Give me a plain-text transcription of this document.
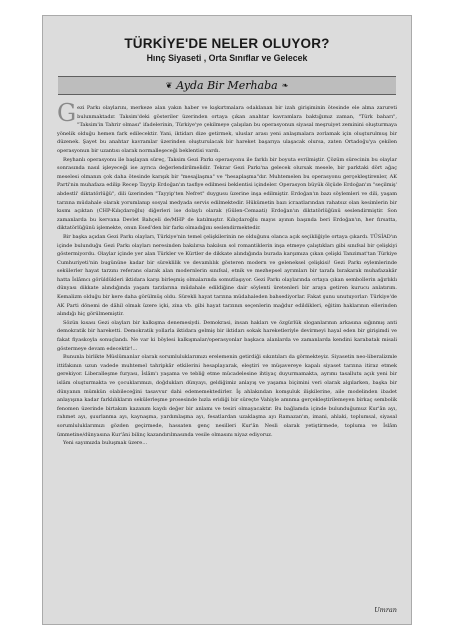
TÜRKİYE'DE NELER OLUYOR?
Hınç Siyaseti , Orta Sınıflar ve Gelecek
❦ Ayda Bir Merhaba ❧

Gezi Parkı olaylarını, merkeze alan yakın haber ve kışkırtmalara odaklanan bir izah girişiminin ötesinde ele alma zarureti bulunmaktadır. Taksim'deki gösteriler üzerinden ortaya çıkan anahtar kavramlara baktığımız zaman, "Türk baharı", "Taksim'in Tahrir olması" ifadelerinin, Türkiye'ye çekilmeye çalışılan bu operasyonun siyasal meşruiyet zeminini oluşturmaya yönelik olduğu hemen fark edilecektir. Yani, iktidarı dize getirmek, uluslar arası yeni anlaşmalara zorlamak için oluşturulmuş bir düzenek. Şayet bu anahtar kavramlar üzerinden oluşturulacak bir hareket başarıya ulaşacak olursa, zaten Ortadoğu'ya çekilen operasyonun bir uzantısı olarak normalleşeceği beklentisi vardı.

Reyhanlı operasyonu ile başlayan süreç, Taksim Gezi Parkı operasyonu ile farklı bir boyuta evrilmiştir. Çözüm sürecinin bu olaylar sonrasında nasıl işleyeceği ise ayrıca değerlendirilmelidir. Tekrar Gezi Parkı'na gelecek olursak mesele, bir parktaki dört ağaç meselesi olmanın çok daha ötesinde karışık bir "mesajlaşma" ve "hesaplaşma"dır. Muhtemelen bu operasyonu gerçekleştirenler, AK Parti'nin muhafaza edilip Recep Tayyip Erdoğan'ın tasfiye edilmesi beklentisi içindeler. Operasyon büyük ölçüde Erdoğan'ın "seçilmiş' abdestli' diktatörlüğü", dili üzerinden "Tayyip'ten Nefret" duygusu üzerine inşa edilmiştir. Erdoğan'ın bazı söylemleri ve dili, yaşam tarzına müdahale olarak yorumlanıp sosyal medyada servis edilmektedir. Hükümetin bazı icraatlarından rahatsız olan kesimlerin bir kısmı açıktan (CHP-Kılıçdaroğlu) diğerleri ise dolaylı olarak (Gülen-Cemaati) Erdoğan'ın diktatörlüğünü seslendirmiştir. Son zamanlarda bu kervana Devlet Bahçeli de/MHP de katılmıştır. Kılıçdaroğlu mayıs ayının başında beri Erdoğan'ın, her fırsatta, diktatörlüğünü işlemekte, onun Esed'den bir farkı olmadığını seslendirmektedir.

Bir başka açıdan Gezi Parkı olayları, Türkiye'nin temel çelişkilerinin ne olduğunu olanca açık seçikliğiyle ortaya çıkardı. TÜSİAD'ın içinde bulunduğu Gezi Parkı olayları neresinden bakılırsa bakılsın sol romantiklerin inşa etmeye çalıştıkları gibi sınıfsal bir çelişkiyi göstermiyordu. Olaylar içinde yer alan Türkler ve Kürtler de dikkate alındığında burada karşımıza çıkan çelişki Tanzimat'tan Türkiye Cumhuriyeti'nin bugününe kadar bir süreklilik ve devamlılık gösteren modern ve geleneksel çelişkisi! Gezi Parkı eylemlerinde sekülerler hayat tarzını referans olarak alan modernlerin sınıfsal, etnik ve mezhepsel ayrımları bir tarafa bırakarak muhafazakâr hatta İslâmcı görüldükleri iktidara karşı birleşmiş olmalarında somutlaşıyor. Gezi Parkı olaylarında ortaya çıkan sembollerin ağırlıklı dünyası dikkate alındığında yaşam tarzlarına müdahale edildiğine dair söylenti üretenleri bir araya getiren kurucu anlatırım. Kemalizm olduğu bir kere daha görülmüş oldu. Sürekli hayat tarzına müdahaleden bahsediyorlar. Fakat şunu unutuyorlar: Türkiye'de AK Parti dönemi de dâhil olmak üzere içki, zina vb. gibi hayat tarzının seçenlerin mağdur edildikleri, eğitim haklarının ellerinden alındığı hiç görülmemiştir.

Sözün kısası Gezi olayları bir kalkışma denemesiydi. Demokrasi, insan hakları ve özgürlük sloganlarının arkasına sığınmış anti demokratik bir hareketti. Demokratik yollarla iktidara gelmiş bir iktidarı sokak hareketleriyle devirmeyi hayal eden bir girişimdi ve fakat fiyaskoyla sonuçlandı. Ne var ki böylesi kalkışmalar/operasyonlar başkaca alanlarda ve zamanlarda kendini karabatak misali göstermeye devam edecektir!…

Bununla birlikte Müslümanlar olarak sorumluluklarımızı erelemenin getirdiği sıkıntıları da görmekteyiz. Siyasetin neo-liberalizmle ittifakının uzun vadede muhtemel tahripkâr etkilerini hesaplayarak, eleştiri ve müşavereye kapalı siyaset tarzına itiraz etmek gerekiyor. Liberalleşme furyası, İslâm'ı yaşama ve tebliğ etme mücadelesine ihtiyaç duyurmamakta, ayrımı tasallutu açık yeni bir islâm oluşturmakta ve çocuklarımızı, doğdukları dünyayı, geldiğimiz anlayış ve yaşama biçimini veri olarak algılarken, başka bir dünyanın mümkün olabileceğini tasavvur dahi edememektedirler. İş ahlakından komşuluk ilişkilerine, aile modelinden ibadet anlayışına kadar farklılıkların sekülerleşme prosesinde hızla eridiği bir süreçte Vahiyle amnma gerçekleştirilemeyen birkaç sembolik fenomen üzerinde birtakım kazanım kaydı değer bir anlamı ve tesiri olmayacaktır. Bu bağlamda içinde bulunduğumuz Kur'ân ayı, rahmet ayı, şuurlanma ayı, kaynaşma, yardımlaşma ayı, fesatlardan uzaklaşma ayı Ramazan'ın, imani, ahlaki, toplumsal, siyasal sorumluluklarımızı gözden geçirmede, hassaten genç nesilleri Kur'ân Nesli olarak yetiştirmede, topluma ve İslâm ümmetine/dünyasına Kur'âni bilinç kazandırılmasında vesile olmasını niyaz ediyoruz.

Yeni sayımızda buluşmak üzere…

Umran
